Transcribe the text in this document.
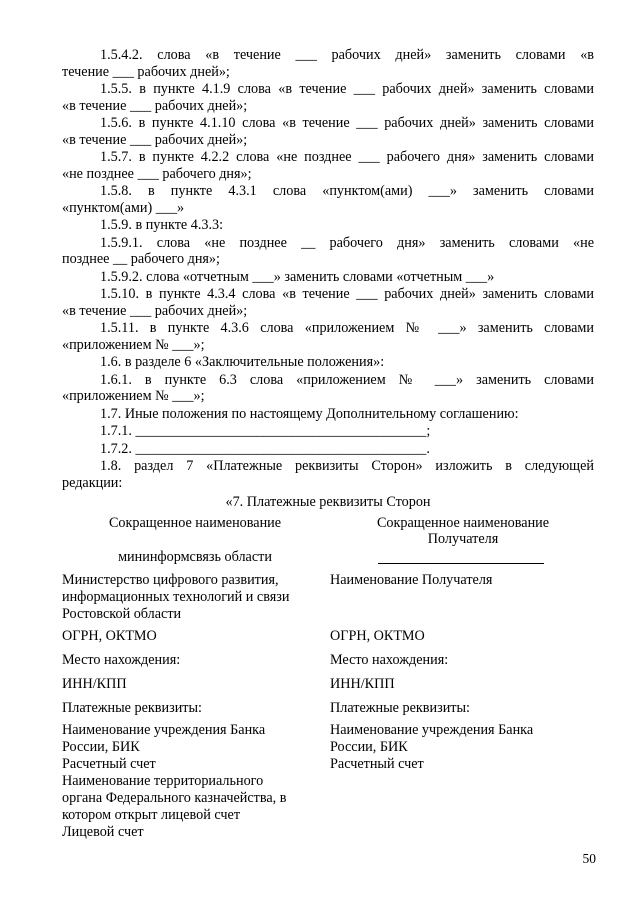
1.5.4.2. слова «в течение ___ рабочих дней» заменить словами «в
течение ___ рабочих дней»;
1.5.5. в пункте 4.1.9 слова «в течение ___ рабочих дней» заменить словами
«в течение ___ рабочих дней»;
1.5.6. в пункте 4.1.10 слова «в течение ___ рабочих дней» заменить словами
«в течение ___ рабочих дней»;
1.5.7. в пункте 4.2.2 слова «не позднее ___ рабочего дня» заменить словами
«не позднее ___ рабочего дня»;
1.5.8. в пункте 4.3.1 слова «пунктом(ами) ___» заменить словами
«пунктом(ами) ___»
1.5.9. в пункте 4.3.3:
1.5.9.1. слова «не позднее __ рабочего дня» заменить словами «не
позднее __ рабочего дня»;
1.5.9.2. слова «отчетным ___» заменить словами «отчетным ___»
1.5.10. в пункте 4.3.4 слова «в течение ___ рабочих дней» заменить словами
«в течение ___ рабочих дней»;
1.5.11. в пункте 4.3.6 слова «приложением № ___» заменить словами
«приложением № ___»;
1.6. в разделе 6 «Заключительные положения»:
1.6.1. в пункте 6.3 слова «приложением № ___» заменить словами
«приложением № ___»;
1.7. Иные положения по настоящему Дополнительному соглашению:
1.7.1. _________________________________________;
1.7.2. _________________________________________.
1.8. раздел 7 «Платежные реквизиты Сторон» изложить в следующей
редакции:
«7. Платежные реквизиты Сторон
Сокращенное наименование
мининформсвязь области
Сокращенное наименование
Получателя
Министерство цифрового развития,
информационных технологий и связи
Ростовской области
ОГРН, ОКТМО
Место нахождения:
ИНН/КПП
Платежные реквизиты:
Наименование учреждения Банка
России, БИК
Расчетный счет
Наименование территориального
органа Федерального казначейства, в
котором открыт лицевой счет
Лицевой счет
Наименование Получателя
ОГРН, ОКТМО
Место нахождения:
ИНН/КПП
Платежные реквизиты:
Наименование учреждения Банка
России, БИК
Расчетный счет
50
